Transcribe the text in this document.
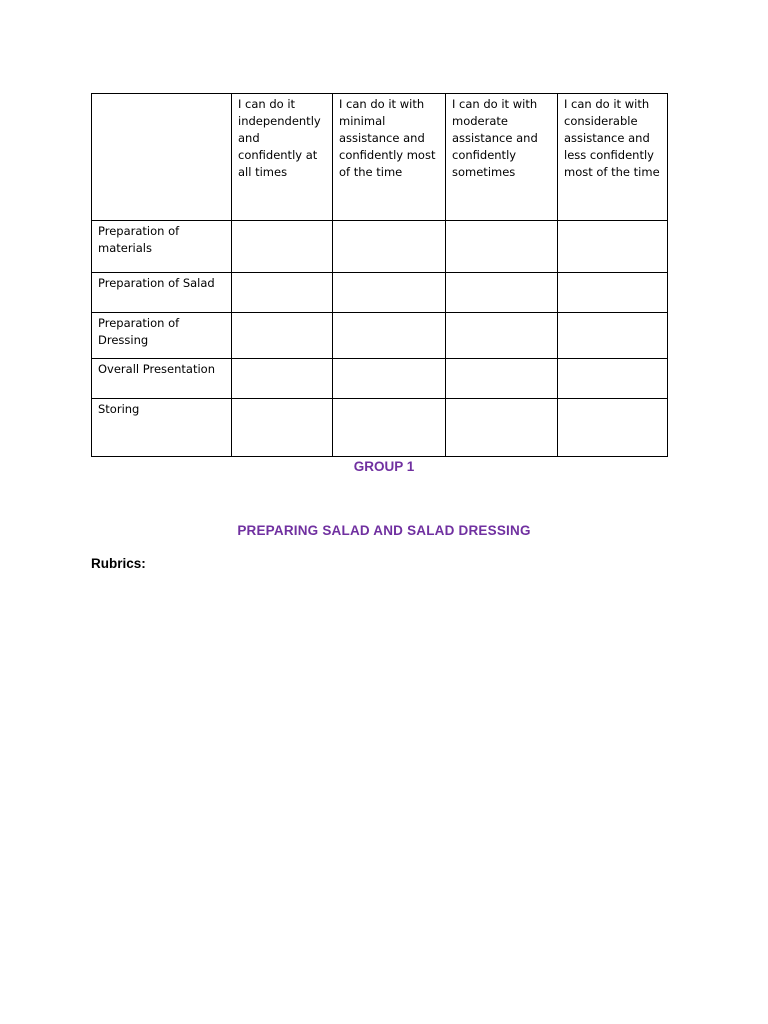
	I can do it independently and confidently at all times	I can do it with minimal assistance and confidently most of the time	I can do it with moderate assistance and confidently sometimes	I can do it with considerable assistance and less confidently most of the time
Preparation of materials				
Preparation of Salad				
Preparation of Dressing				
Overall Presentation				
Storing				
GROUP 1
PREPARING SALAD AND SALAD DRESSING
Rubrics:
